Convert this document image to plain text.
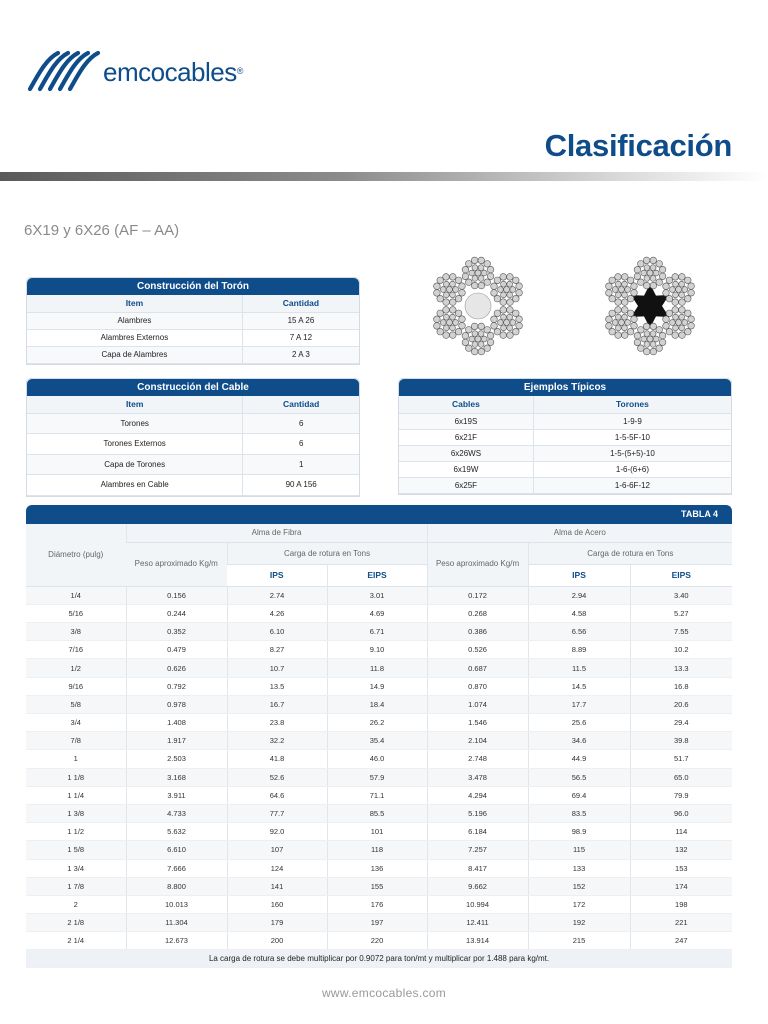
emcocables ®
Clasificación
6X19 y 6X26 (AF – AA)
Construcción del Torón
Item	Cantidad
Alambres	15 A 26
Alambres Externos	7 A 12
Capa de Alambres	2 A 3
Construcción del Cable
Item	Cantidad
Torones	6
Torones Externos	6
Capa de Torones	1
Alambres en Cable	90 A 156
Ejemplos Típicos
Cables	Torones
6x19S	1-9-9
6x21F	1-5-5F-10
6x26WS	1-5-(5+5)-10
6x19W	1-6-(6+6)
6x25F	1-6-6F-12
TABLA 4
Diámetro (pulg)	Alma de Fibra			Alma de Acero		
	Peso aproximado Kg/m	Carga de rotura en Tons		Peso aproximado Kg/m	Carga de rotura en Tons	
		IPS	EIPS		IPS	EIPS
1/4	0.156	2.74	3.01	0.172	2.94	3.40
5/16	0.244	4.26	4.69	0.268	4.58	5.27
3/8	0.352	6.10	6.71	0.386	6.56	7.55
7/16	0.479	8.27	9.10	0.526	8.89	10.2
1/2	0.626	10.7	11.8	0.687	11.5	13.3
9/16	0.792	13.5	14.9	0.870	14.5	16.8
5/8	0.978	16.7	18.4	1.074	17.7	20.6
3/4	1.408	23.8	26.2	1.546	25.6	29.4
7/8	1.917	32.2	35.4	2.104	34.6	39.8
1	2.503	41.8	46.0	2.748	44.9	51.7
1 1/8	3.168	52.6	57.9	3.478	56.5	65.0
1 1/4	3.911	64.6	71.1	4.294	69.4	79.9
1 3/8	4.733	77.7	85.5	5.196	83.5	96.0
1 1/2	5.632	92.0	101	6.184	98.9	114
1 5/8	6.610	107	118	7.257	115	132
1 3/4	7.666	124	136	8.417	133	153
1 7/8	8.800	141	155	9.662	152	174
2	10.013	160	176	10.994	172	198
2 1/8	11.304	179	197	12.411	192	221
2 1/4	12.673	200	220	13.914	215	247
La carga de rotura se debe multiplicar por 0.9072 para ton/mt y multiplicar por 1.488 para kg/mt.						
www.emcocables.com
